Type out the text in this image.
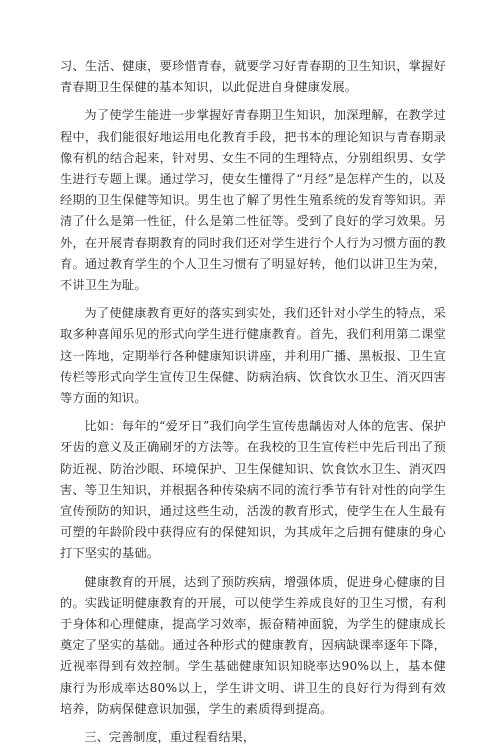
习、生活、健康，要珍惜青春，就要学习好青春期的卫生知识，掌握好青春期卫生保健的基本知识，以此促进自身健康发展。

为了使学生能进一步掌握好青春期卫生知识，加深理解，在教学过程中，我们能很好地运用电化教育手段，把书本的理论知识与青春期录像有机的结合起来，针对男、女生不同的生理特点，分别组织男、女学生进行专题上课。通过学习，使女生懂得了“月经”是怎样产生的，以及经期的卫生保健等知识。男生也了解了男性生殖系统的发育等知识。弄清了什么是第一性征，什么是第二性征等。受到了良好的学习效果。另外，在开展青春期教育的同时我们还对学生进行个人行为习惯方面的教育。通过教育学生的个人卫生习惯有了明显好转，他们以讲卫生为荣，不讲卫生为耻。

为了使健康教育更好的落实到实处，我们还针对小学生的特点，采取多种喜闻乐见的形式向学生进行健康教育。首先，我们利用第二课堂这一阵地，定期举行各种健康知识讲座，并利用广播、黑板报、卫生宣传栏等形式向学生宣传卫生保健、防病治病、饮食饮水卫生、消灭四害等方面的知识。

比如：每年的“爱牙日”我们向学生宣传患龋齿对人体的危害、保护牙齿的意义及正确刷牙的方法等。在我校的卫生宣传栏中先后刊出了预防近视、防治沙眼、环境保护、卫生保健知识、饮食饮水卫生、消灭四害、等卫生知识，并根据各种传染病不同的流行季节有针对性的向学生宣传预防的知识，通过这些生动，活泼的教育形式，使学生在人生最有可塑的年龄阶段中获得应有的保健知识，为其成年之后拥有健康的身心打下坚实的基础。

健康教育的开展，达到了预防疾病，增强体质，促进身心健康的目的。实践证明健康教育的开展，可以使学生养成良好的卫生习惯，有利于身体和心理健康，提高学习效率，振奋精神面貌，为学生的健康成长奠定了坚实的基础。通过各种形式的健康教育，因病缺课率逐年下降，近视率得到有效控制。学生基础健康知识知晓率达90%以上，基本健康行为形成率达80%以上，学生讲文明、讲卫生的良好行为得到有效培养，防病保健意识加强，学生的素质得到提高。

三、完善制度，重过程看结果，
